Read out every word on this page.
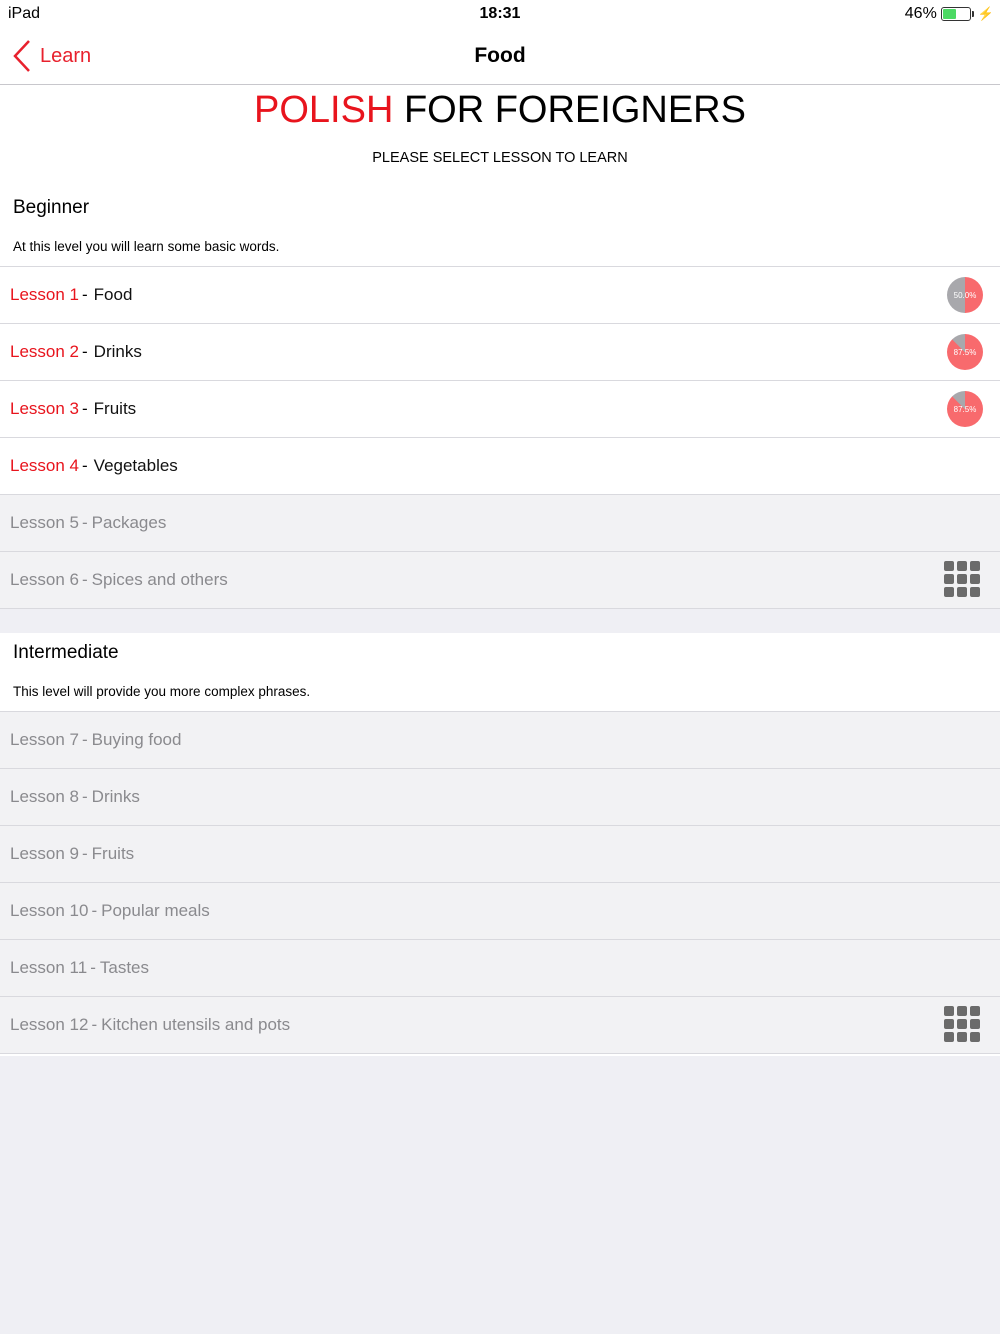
iPad	18:31	46%	⚡
Learn	Food
POLISH FOR FOREIGNERS
PLEASE SELECT LESSON TO LEARN
Beginner
At this level you will learn some basic words.
Lesson 1 - Food	50.0%
Lesson 2 - Drinks	87.5%
Lesson 3 - Fruits	87.5%
Lesson 4 - Vegetables
Lesson 5 - Packages
Lesson 6 - Spices and others
Intermediate
This level will provide you more complex phrases.
Lesson 7 - Buying food
Lesson 8 - Drinks
Lesson 9 - Fruits
Lesson 10 - Popular meals
Lesson 11 - Tastes
Lesson 12 - Kitchen utensils and pots
